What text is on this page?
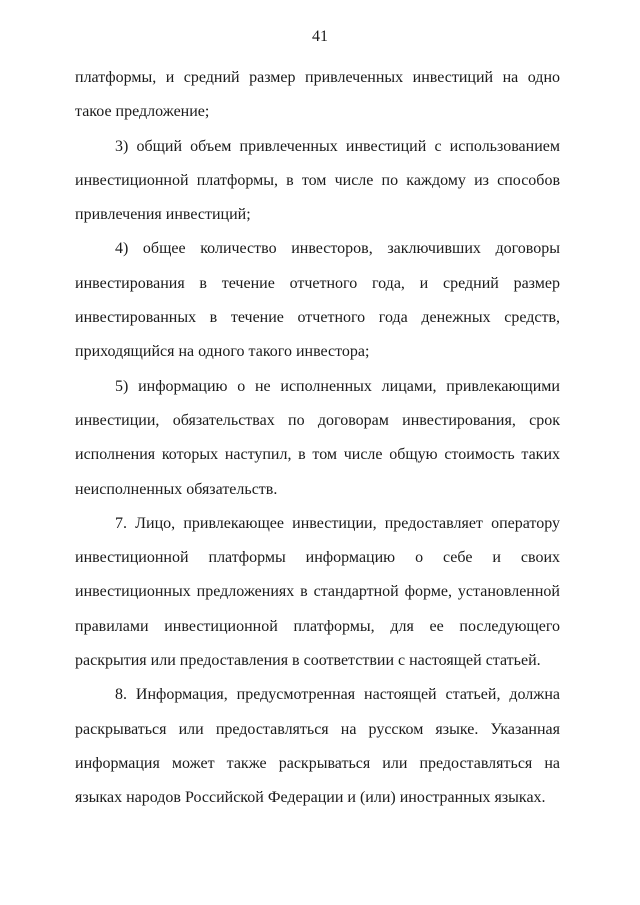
41

платформы, и средний размер привлеченных инвестиций на одно такое предложение;

3) общий объем привлеченных инвестиций с использованием инвестиционной платформы, в том числе по каждому из способов привлечения инвестиций;

4) общее количество инвесторов, заключивших договоры инвестирования в течение отчетного года, и средний размер инвестированных в течение отчетного года денежных средств, приходящийся на одного такого инвестора;

5) информацию о не исполненных лицами, привлекающими инвестиции, обязательствах по договорам инвестирования, срок исполнения которых наступил, в том числе общую стоимость таких неисполненных обязательств.

7. Лицо, привлекающее инвестиции, предоставляет оператору инвестиционной платформы информацию о себе и своих инвестиционных предложениях в стандартной форме, установленной правилами инвестиционной платформы, для ее последующего раскрытия или предоставления в соответствии с настоящей статьей.

8. Информация, предусмотренная настоящей статьей, должна раскрываться или предоставляться на русском языке. Указанная информация может также раскрываться или предоставляться на языках народов Российской Федерации и (или) иностранных языках.
